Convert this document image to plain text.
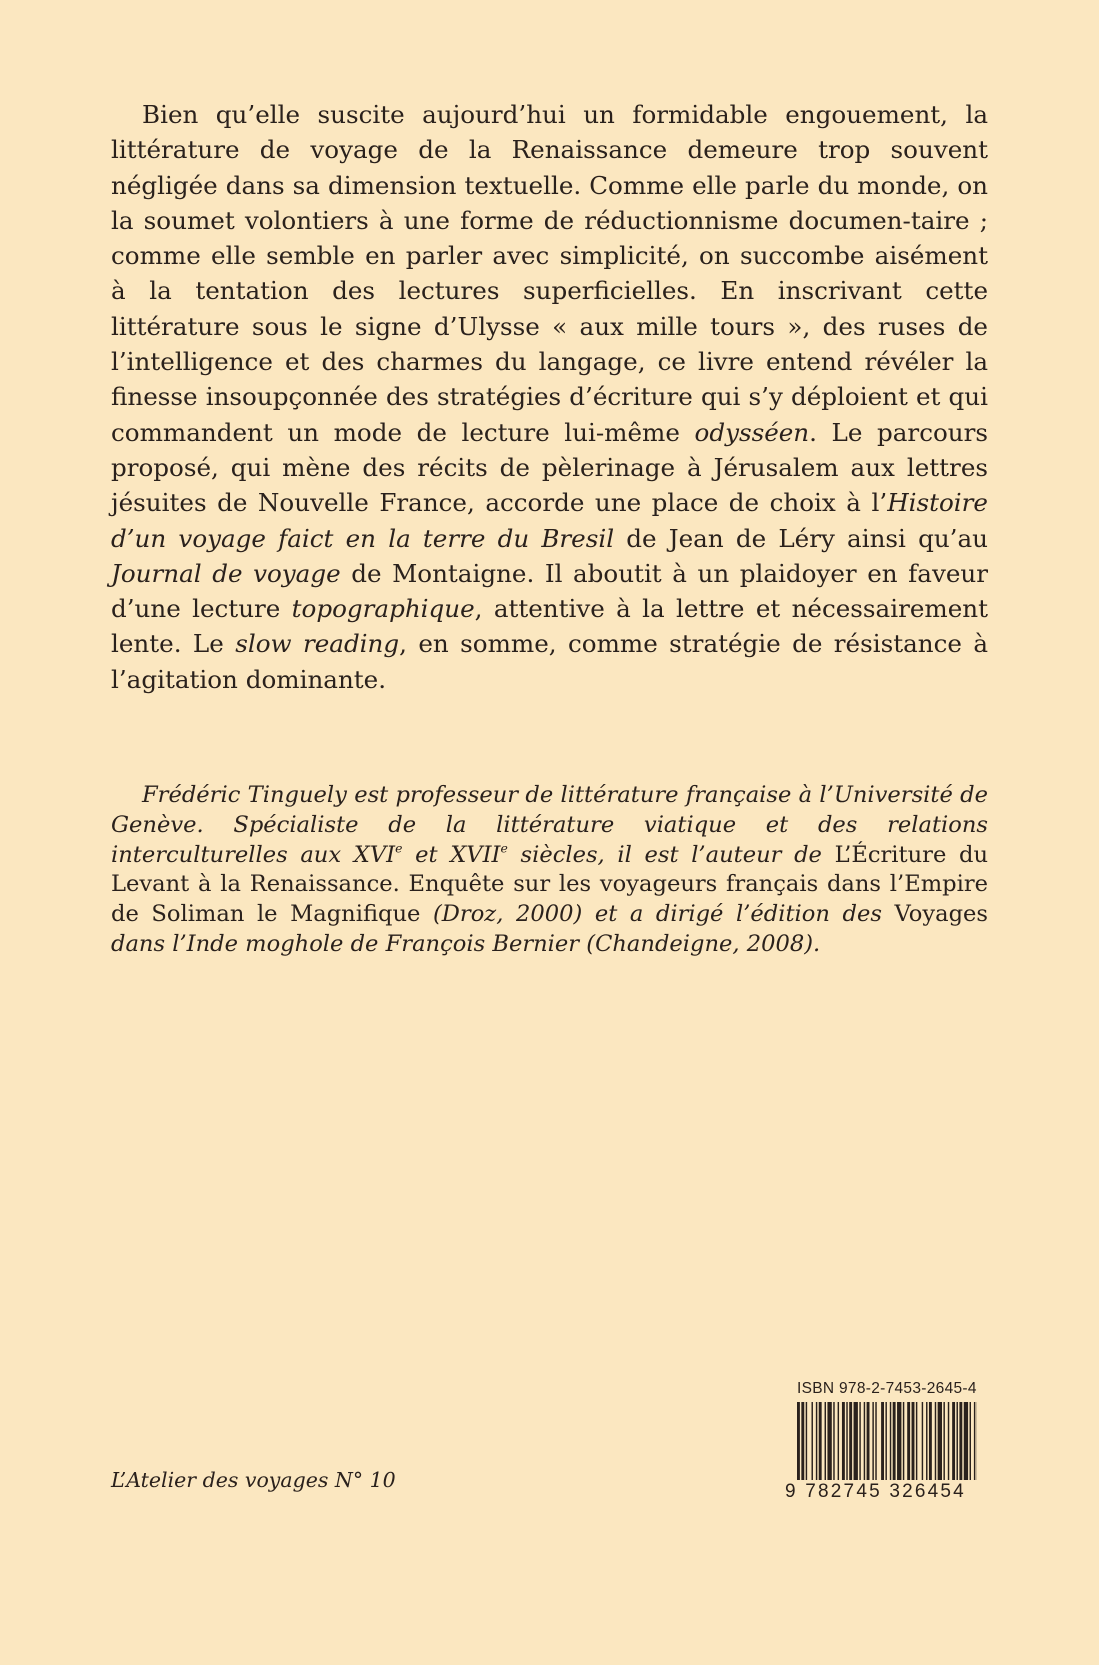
Bien qu’elle suscite aujourd’hui un formidable engouement, la littérature de voyage de la Renaissance demeure trop souvent négligée dans sa dimension textuelle. Comme elle parle du monde, on la soumet volontiers à une forme de réductionnisme documen-taire ; comme elle semble en parler avec simplicité, on succombe aisément à la tentation des lectures superficielles. En inscrivant cette littérature sous le signe d’Ulysse « aux mille tours », des ruses de l’intelligence et des charmes du langage, ce livre entend révéler la finesse insoupçonnée des stratégies d’écriture qui s’y déploient et qui commandent un mode de lecture lui-même odysséen. Le parcours proposé, qui mène des récits de pèlerinage à Jérusalem aux lettres jésuites de Nouvelle France, accorde une place de choix à l’Histoire d’un voyage faict en la terre du Bresil de Jean de Léry ainsi qu’au Journal de voyage de Montaigne. Il aboutit à un plaidoyer en faveur d’une lecture topographique, attentive à la lettre et nécessairement lente. Le slow reading, en somme, comme stratégie de résistance à l’agitation dominante.

Frédéric Tinguely est professeur de littérature française à l’Université de Genève. Spécialiste de la littérature viatique et des relations interculturelles aux XVIe et XVIIe siècles, il est l’auteur de L’Écriture du Levant à la Renaissance. Enquête sur les voyageurs français dans l’Empire de Soliman le Magnifique (Droz, 2000) et a dirigé l’édition des Voyages dans l’Inde moghole de François Bernier (Chandeigne, 2008).

L’Atelier des voyages N° 10
ISBN 978-2-7453-2645-4
9 782745 326454
